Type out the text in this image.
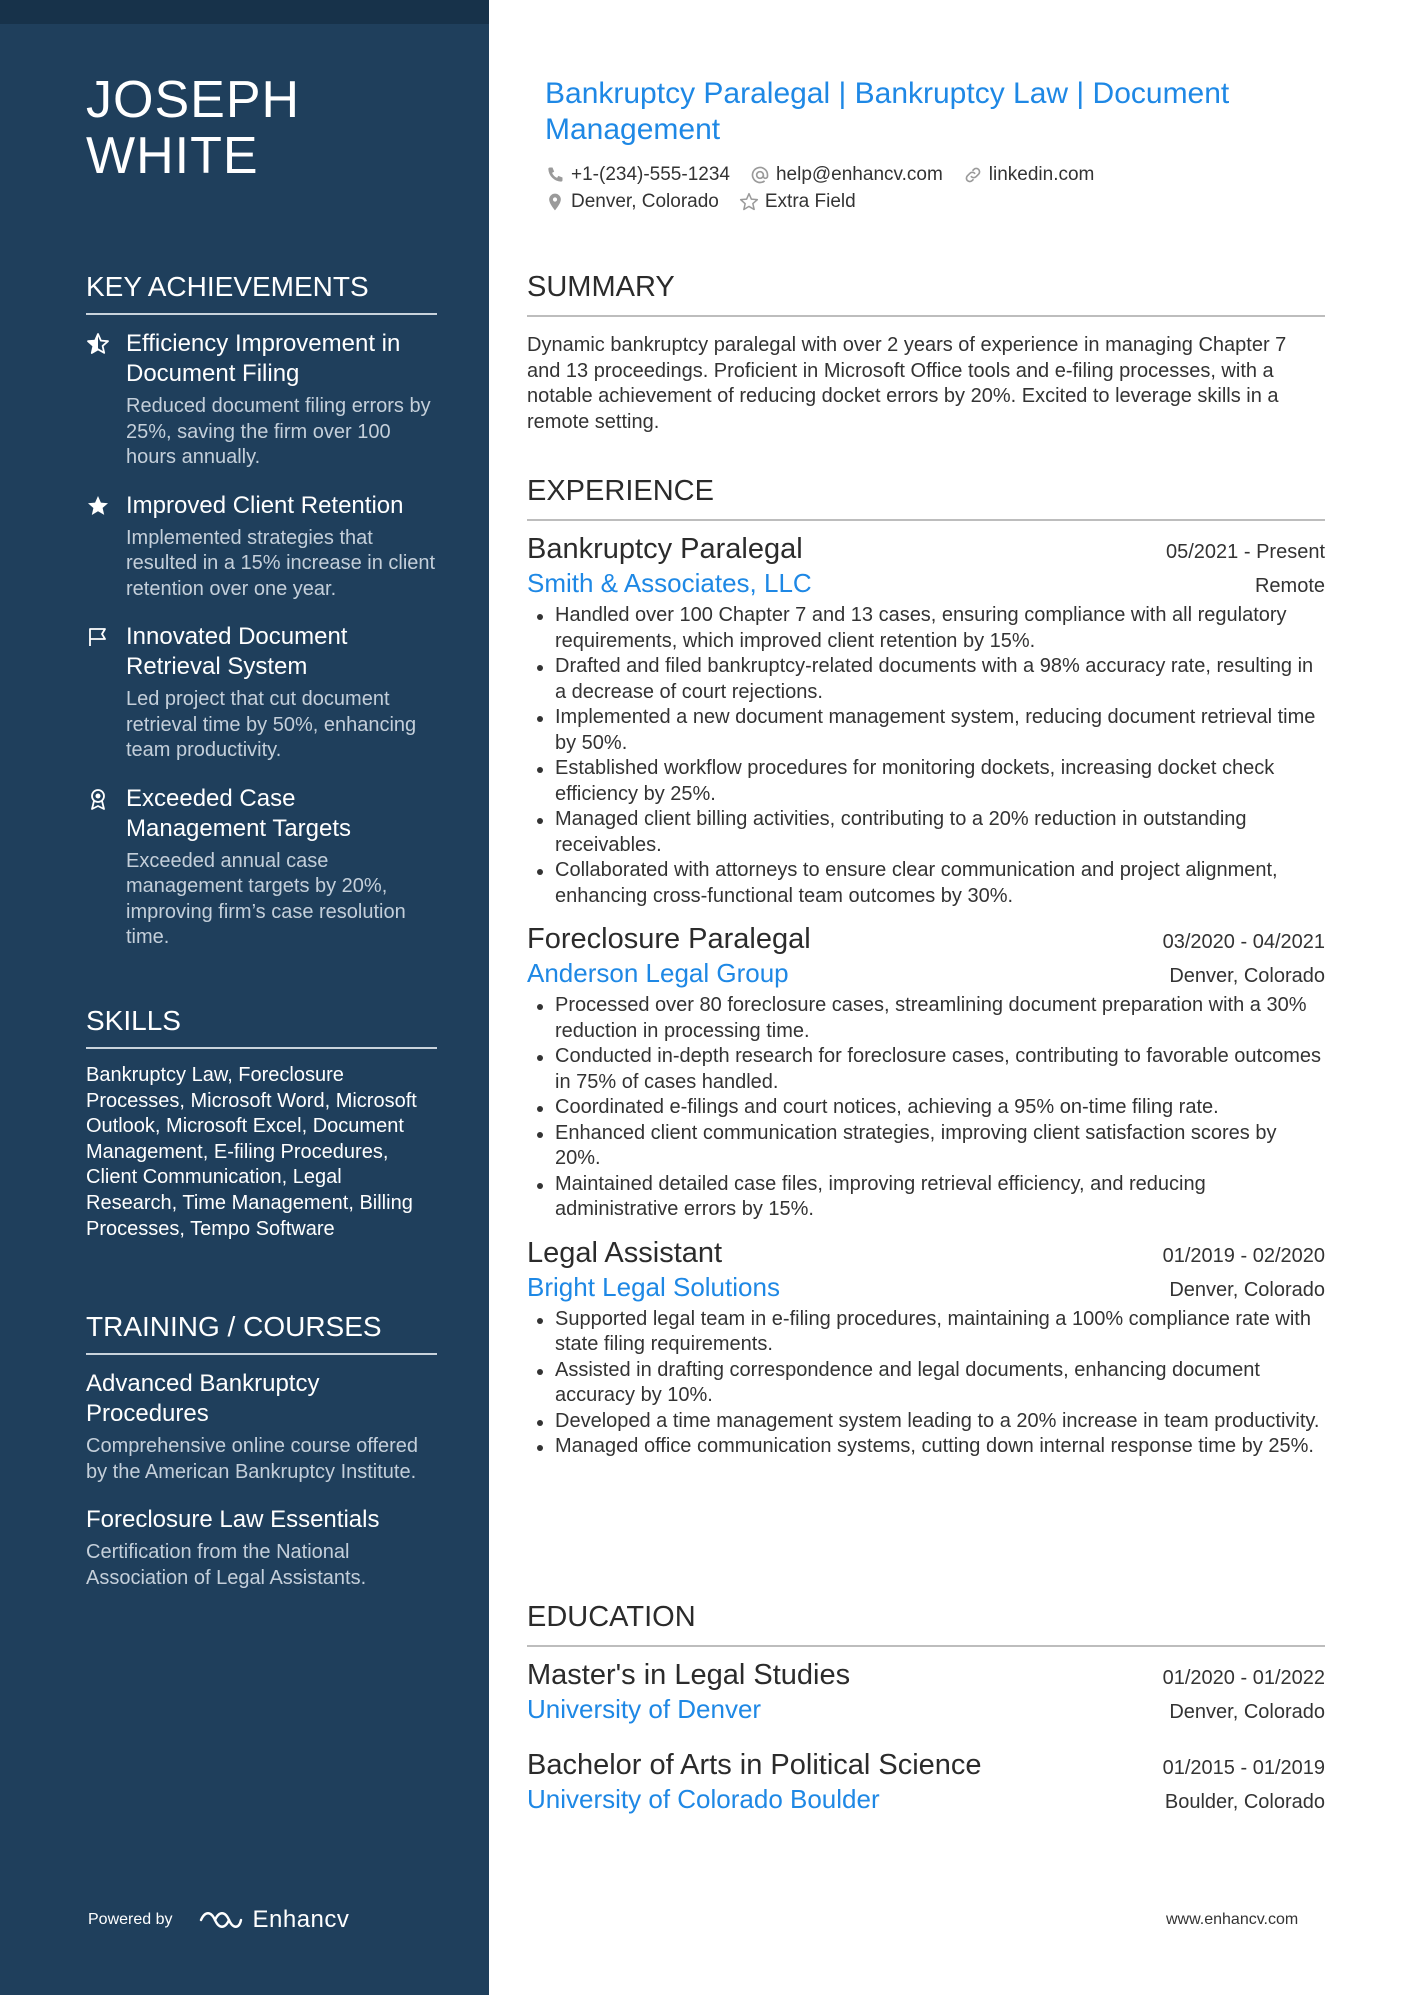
JOSEPH WHITE
KEY ACHIEVEMENTS
Efficiency Improvement in Document Filing
Reduced document filing errors by 25%, saving the firm over 100 hours annually.
Improved Client Retention
Implemented strategies that resulted in a 15% increase in client retention over one year.
Innovated Document Retrieval System
Led project that cut document retrieval time by 50%, enhancing team productivity.
Exceeded Case Management Targets
Exceeded annual case management targets by 20%, improving firm’s case resolution time.
SKILLS
Bankruptcy Law, Foreclosure Processes, Microsoft Word, Microsoft Outlook, Microsoft Excel, Document Management, E-filing Procedures, Client Communication, Legal Research, Time Management, Billing Processes, Tempo Software
TRAINING / COURSES
Advanced Bankruptcy Procedures
Comprehensive online course offered by the American Bankruptcy Institute.
Foreclosure Law Essentials
Certification from the National Association of Legal Assistants.
Powered by	Enhancv
Bankruptcy Paralegal | Bankruptcy Law | Document Management
+1-(234)-555-1234 help@enhancv.com linkedin.com
Denver, Colorado Extra Field
SUMMARY
Dynamic bankruptcy paralegal with over 2 years of experience in managing Chapter 7 and 13 proceedings. Proficient in Microsoft Office tools and e-filing processes, with a notable achievement of reducing docket errors by 20%. Excited to leverage skills in a remote setting.
EXPERIENCE
Bankruptcy Paralegal	05/2021 - Present
Smith & Associates, LLC	Remote
Handled over 100 Chapter 7 and 13 cases, ensuring compliance with all regulatory requirements, which improved client retention by 15%.
Drafted and filed bankruptcy-related documents with a 98% accuracy rate, resulting in a decrease of court rejections.
Implemented a new document management system, reducing document retrieval time by 50%.
Established workflow procedures for monitoring dockets, increasing docket check efficiency by 25%.
Managed client billing activities, contributing to a 20% reduction in outstanding receivables.
Collaborated with attorneys to ensure clear communication and project alignment, enhancing cross-functional team outcomes by 30%.
Foreclosure Paralegal	03/2020 - 04/2021
Anderson Legal Group	Denver, Colorado
Processed over 80 foreclosure cases, streamlining document preparation with a 30% reduction in processing time.
Conducted in-depth research for foreclosure cases, contributing to favorable outcomes in 75% of cases handled.
Coordinated e-filings and court notices, achieving a 95% on-time filing rate.
Enhanced client communication strategies, improving client satisfaction scores by 20%.
Maintained detailed case files, improving retrieval efficiency, and reducing administrative errors by 15%.
Legal Assistant	01/2019 - 02/2020
Bright Legal Solutions	Denver, Colorado
Supported legal team in e-filing procedures, maintaining a 100% compliance rate with state filing requirements.
Assisted in drafting correspondence and legal documents, enhancing document accuracy by 10%.
Developed a time management system leading to a 20% increase in team productivity.
Managed office communication systems, cutting down internal response time by 25%.
EDUCATION
Master's in Legal Studies	01/2020 - 01/2022
University of Denver	Denver, Colorado
Bachelor of Arts in Political Science	01/2015 - 01/2019
University of Colorado Boulder	Boulder, Colorado
www.enhancv.com
